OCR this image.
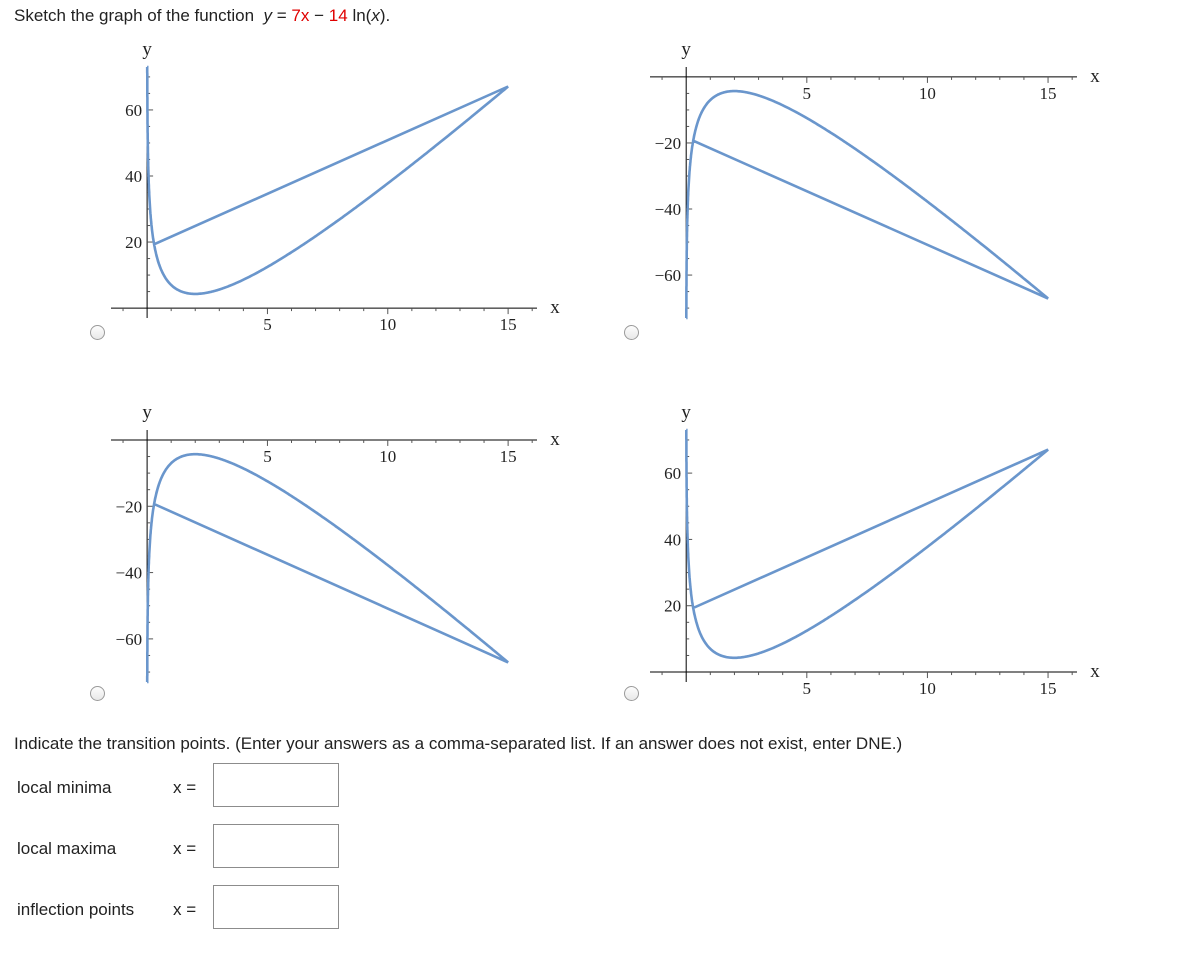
Sketch the graph of the function y = 7x − 14 ln(x).
5	10	15
20
40
60
y
x
5	10	15
−20
−40
−60
y
x
5	10	15
−20
−40
−60
y
x
5	10	15
20
40
60
y
x
Indicate the transition points. (Enter your answers as a comma-separated list. If an answer does not exist, enter DNE.)
local minima	x =
local maxima	x =
inflection points x =
